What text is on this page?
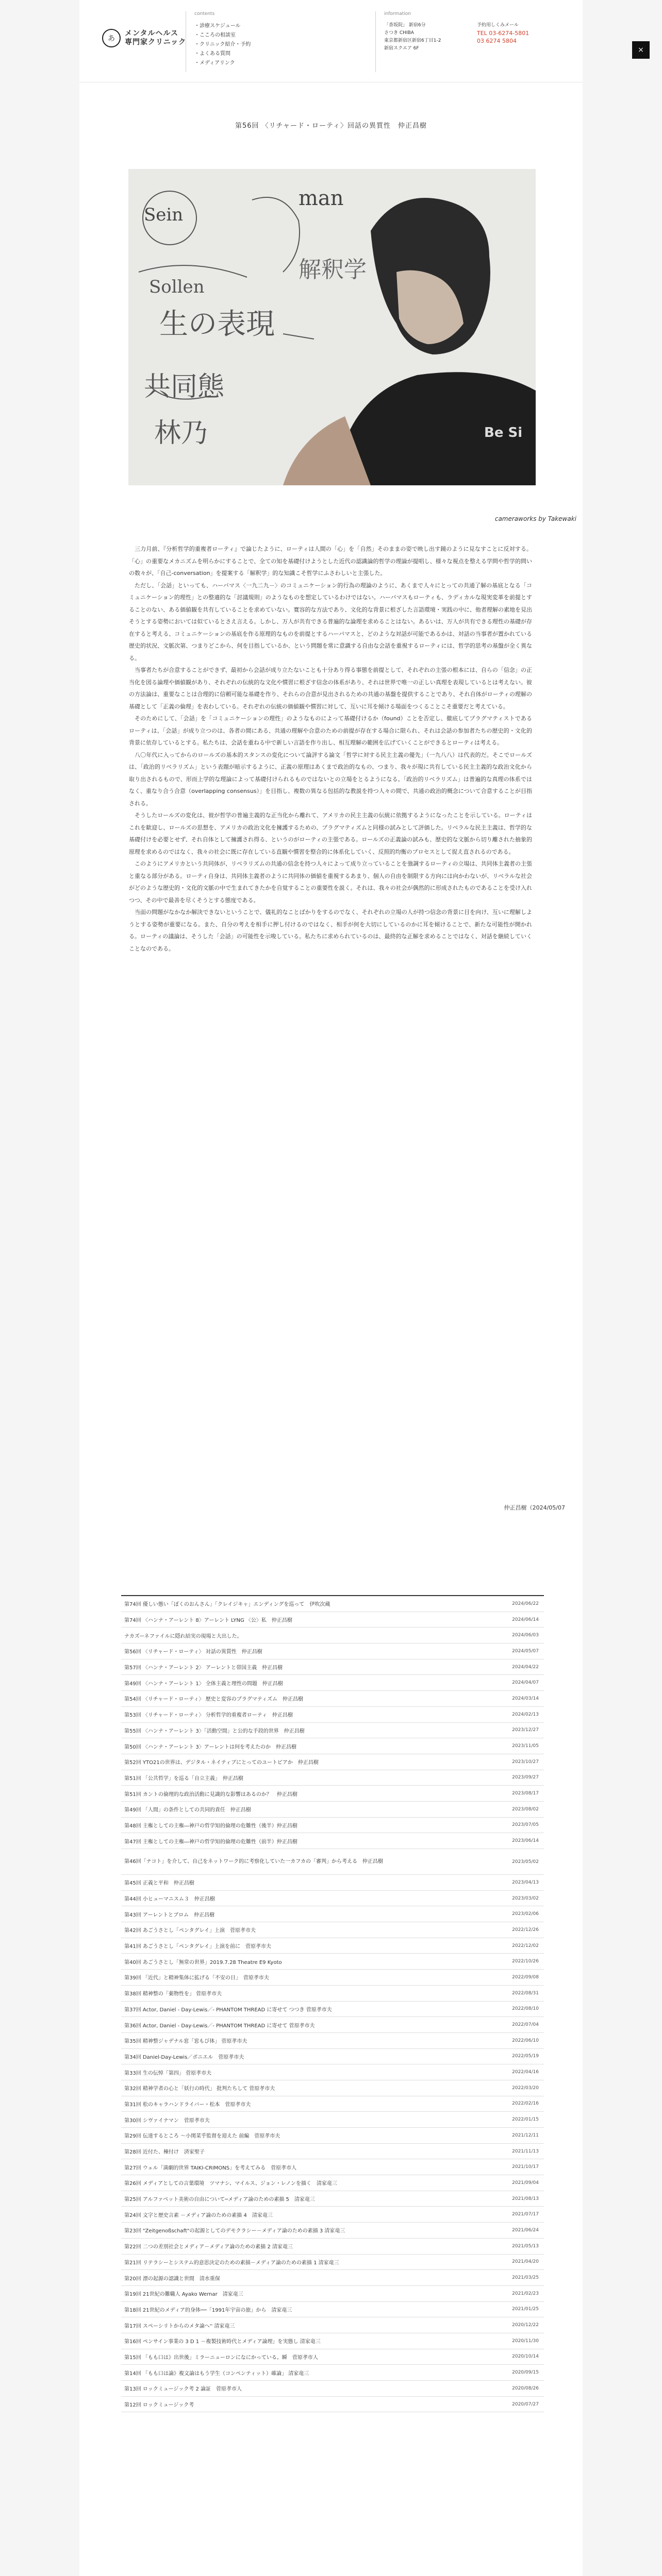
あ
メンタルヘルス
専門家クリニック
contents
・診療スケジュール
・こころの相談室
・クリニック紹介・予約
・よくある質問
・メディアリンク
information
「香坂院」 新宿6分
さつき CHIBA
東京都新宿区新宿6丁目1-2
新宿スクエア 6F
予約用しくみメール
TEL 03-6274-5801
03 6274 5804
第56回 〈リチャード・ローティ〉回話の異質性　仲正昌樹
Sein
man
Sollen
解釈学
生の表現
共同態
林乃	Be Si
cameraworks by Takewaki

三力月前、『分析哲学的重複者ローティ』で論じたように、ローティは人間の「心」を「自然」そのままの姿で映し出す鏡のように見なすことに反対する。「心」の重要なメカニズムを明らかにすることで、全ての知を基礎付けようとした近代の認識論的哲学の理論が提唱し、様々な視点を整える学問や哲学的問いの数々が、「自己-conversation」を提案する「解釈学」的な知識こそ哲学にふさわしいと主張した。

ただし、「会話」といっても、ハーバマス〈一九二九－〉のコミュニケーション的行為の理論のように、あくまで人々にとっての共通了解の基底となる「コミュニケーション的理性」との整適的な「討議規則」のようなものを想定しているわけではない。ハーバマスもローティも、ラディカルな現実変革を前提とすることのない、ある価値観を共有していることを求めていない。寛容的な方法であり、文化的な背景に根ざした言語環境・実践の中に、他者理解の素地を見出そうとする姿勢においては似ているとさえ言える。しかし、万人が共有できる普遍的な論理を求めることはない。あるいは、万人が共有できる理性の基礎が存在すると考える、コミュニケーションの基底を作る原理的なものを前提とするハーバマスと、どのような対話が可能であるかは、対話の当事者が置かれている歴史的状況、文脈次第、つまりどこから、何を目指しているか、という問題を常に意識する自由な会話を重視するローティには、哲学的思考の基盤が全く異なる。

当事者たちが合意することができず、最初から会話が成り立たないことも十分あり得る事態を前提として、それぞれの主張の根本には、自らの「信念」の正当化を図る論理や価値観があり、それぞれの伝統的な文化や慣習に根ざす信念の体系があり、それは世界で唯一の正しい真理を表現しているとは考えない。彼の方法論は、重要なことは合理的に信頼可能な基礎を作り、それらの合意が見出されるための共通の基盤を提供することであり、それ自体がローティの理解の基礎として「正義の倫理」を表わしている。それぞれの伝統の価値観や慣習に対して、互いに耳を傾ける場面をつくることこそ重要だと考えている。

そのためにして、「会話」を「コミュニケーションの理性」のようなものによって基礎付けるか（found）ことを否定し、徹底してプラグマティストであるローティは、「会話」が成り立つのは、各者の間にある、共通の理解や合意のための前提が存在する場合に限られ、それは会話の参加者たちの歴史的・文化的背景に依存しているとする。私たちは、会話を重ねる中で新しい言語を作り出し、相互理解の範囲を広げていくことができるとローティは考える。

八〇年代に入ってからのロールズの基本的スタンスの変化について論評する論文「哲学に対する民主主義の優先」（一九八八）は代表的だ。そこでロールズは、「政治的リベラリズム」という表題が暗示するように、正義の原理はあくまで政治的なもの、つまり、我々が現に共有している民主主義的な政治文化から取り出されるもので、形而上学的な理論によって基礎付けられるものではないとの立場をとるようになる。「政治的リベラリズム」は普遍的な真理の体系ではなく、重なり合う合意（overlapping consensus）」を目指し、複数の異なる包括的な教説を持つ人々の間で、共通の政治的概念について合意することが目指される。

そうしたロールズの変化は、彼が哲学の普遍主義的な正当化から離れて、アメリカの民主主義の伝統に依拠するようになったことを示している。ローティはこれを歓迎し、ロールズの思想を、アメリカの政治文化を擁護するための、プラグマティズムと同様の試みとして評価した。リベラルな民主主義は、哲学的な基礎付けを必要とせず、それ自体として擁護され得る、というのがローティの主張である。ロールズの正義論の試みも、歴史的な文脈から切り離された抽象的原理を求めるのではなく、我々の社会に既に存在している直観や慣習を整合的に体系化していく、反照的均衡のプロセスとして捉え直されるのである。

このようにアメリカという共同体が、リベラリズムの共通の信念を持つ人々によって成り立っていることを強調するローティの立場は、共同体主義者の主張と重なる部分がある。ローティ自身は、共同体主義者のように共同体の価値を重視するあまり、個人の自由を制限する方向には向かわないが、リベラルな社会がどのような歴史的・文化的文脈の中で生まれてきたかを自覚することの重要性を説く。それは、我々の社会が偶然的に形成されたものであることを受け入れつつ、その中で最善を尽くそうとする態度である。

当面の問題がなかなか解決できないということで、儀礼的なことばかりをするのでなく、それぞれの立場の人が持つ信念の背景に目を向け、互いに理解しようとする姿勢が重要になる。また、自分の考えを相手に押し付けるのではなく、相手が何を大切にしているのかに耳を傾けることで、新たな可能性が開かれる。ローティの議論は、そうした「会話」の可能性を示唆している。私たちに求められているのは、最終的な正解を求めることではなく、対話を継続していくことなのである。

仲正昌樹（2024/05/07
第74回 優しい態い「ぼくのおんさん」「クレイジキャ」エンディングを巡って　伊吹次蔵	2024/06/22
第74回 〈ハンナ・アーレント 8〉アーレント LYNG 〈公〉私　仲正昌樹	2024/06/14
ナカズーネファイルに隠れ結実の現場と大出した。	2024/06/03
第56回 〈リチャード・ローティ〉 対話の異質性　仲正昌樹	2024/05/07
第57回 〈ハンナ・アーレント 2〉 アーレントと帯国主義　仲正昌樹	2024/04/22
第49回 〈ハンナ・アーレント 1〉 全体主義と理性の問題　仲正昌樹	2024/04/07
第54回 〈リチャード・ローティ〉 歴史と変容のプラグマティズム　仲正昌樹	2024/03/14
第53回 〈リチャード・ローティ〉 分析哲学的重複者ローティ　仲正昌樹	2024/02/13
第55回 〈ハンナ・アーレント 3〉「活動空間」と公的な手段的世界　仲正昌樹	2023/12/27
第50回 〈ハンナ・アーレント 3〉アーレントは何を考えたのか　仲正昌樹	2023/11/05
第52回 YTO21の世界は、デジタル・ネイティブにとってのユートピアか　仲正昌樹	2023/10/27
第51回 「公共哲学」を巡る「自立主義」　仲正昌樹	2023/09/27
第51回 カントの倫理的な政治活動に見識的な影響はあるのか？　仲正昌樹	2023/08/17
第49回 「人間」の条件としての共同的責任　仲正昌樹	2023/08/02
第48回 主権としての主権―神戸の哲学知的倫理の危難性（後半）仲正昌樹	2023/07/05
第47回 主権としての主権―神戸の哲学知的倫理の危難性（前半）仲正昌樹	2023/06/14
第46回「ナコト」を介して、自己をネットワーク的に考察化していた一カフカの「審判」から考える　仲正昌樹	2023/05/02
第45回 正義と平和　仲正昌樹	2023/04/13
第44回 小ヒューマニスム３　仲正昌樹	2023/03/02
第43回 アーレントとブロム　仲正昌樹	2023/02/06
第42回 あごうさとし「ペンタグレイ」上演　菅原孝市夫	2022/12/26
第41回 あごうさとし「ペンタグレイ」上演を前に　菅原孝市夫	2022/12/02
第40回 あごうさとし「無常の世界」2019.7.28 Theatre E9 Kyoto	2022/10/26
第39回 「近代」と精神集体に拡げる「不安の日」　菅原孝市夫	2022/09/08
第38回 精神整の「薬物性を」 菅原孝市夫	2022/08/31
第37回 Actor, Daniel - Day-Lewis／- PHANTOM THREAD に寄せて つつき 菅原孝市夫	2022/08/10
第36回 Actor, Daniel - Day-Lewis／- PHANTOM THREAD に寄せて 菅原孝市夫	2022/07/04
第35回 精神整ジャデナル窓「窓もび体」 菅原孝市夫	2022/06/10
第34回 Daniel-Day-Lewis／ボニエル　菅原孝市夫	2022/05/19
第33回 生の伝悼「第四」 菅原孝市夫	2022/04/16
第32回 精神学者の心と「妖行の時代」 批判たちして 菅原孝市夫	2022/03/20
第31回 松のキャラハンドライバー・松本　菅原孝市夫	2022/02/16
第30回 シヴァイナマン　菅原孝市夫	2022/01/15
第29回 伝達するところ ～小関菜乎監督を迎えた 前編　菅原孝市夫	2021/12/11
第28回 近付た、棟付け　済家聖子	2021/11/13
第27回 ウェル「満劇的世界 TAIKI-CRIMONS」を考えてみる　菅原孝市人	2021/10/17
第26回 メディアとしての言葉環境　ツマナシ、マイルス、ジョン・レノンを描く　清家竜三	2021/09/04
第25回 アルファベット美術の自由について─メディア論のための素描 5　清家竜三	2021/08/13
第24回 文字と歴史言素 －メディア論のための素描 4　清家竜三	2021/07/17
第23回 "Zeitgenoßschaft"の起源としてのデモクラシー－メディア論のための素描 3 清家竜三	2021/06/24
第22回 二つの差別社会とメディア－メディア論のための素描 2 清家竜三	2021/05/13
第21回 リテラシーとシステム的意思決定のための素描－メディア論のための素描 1 清家竜三	2021/04/20
第20回 漂の起源の認識と世間　清水重保	2021/03/25
第19回 21世紀の難職人 Ayako Wernar　清家竜三	2021/02/23
第18回 21世紀のメディア的身体──「1991年宇宙の旅」から　清家竜三	2021/01/25
第17回 スペーシリトからのメタ論へ'' 清家竜三	2020/12/22
第16回 ペンサイン事業の 3 D 1 －複製技術時代とメディア論理」を実態し 清家竜三	2020/11/30
第15回 「もも口は》出世後」ミラーニューロンになにかっている。瞬　菅原孝市人	2020/10/14
第14回 「もも口は論》複文論はもう学生（コンペンティット）確論」 清家竜三	2020/09/15
第13回 ロックミュージック考 2 論証　菅原孝市人	2020/08/26
第12回 ロックミュージック考	2020/07/27

×
